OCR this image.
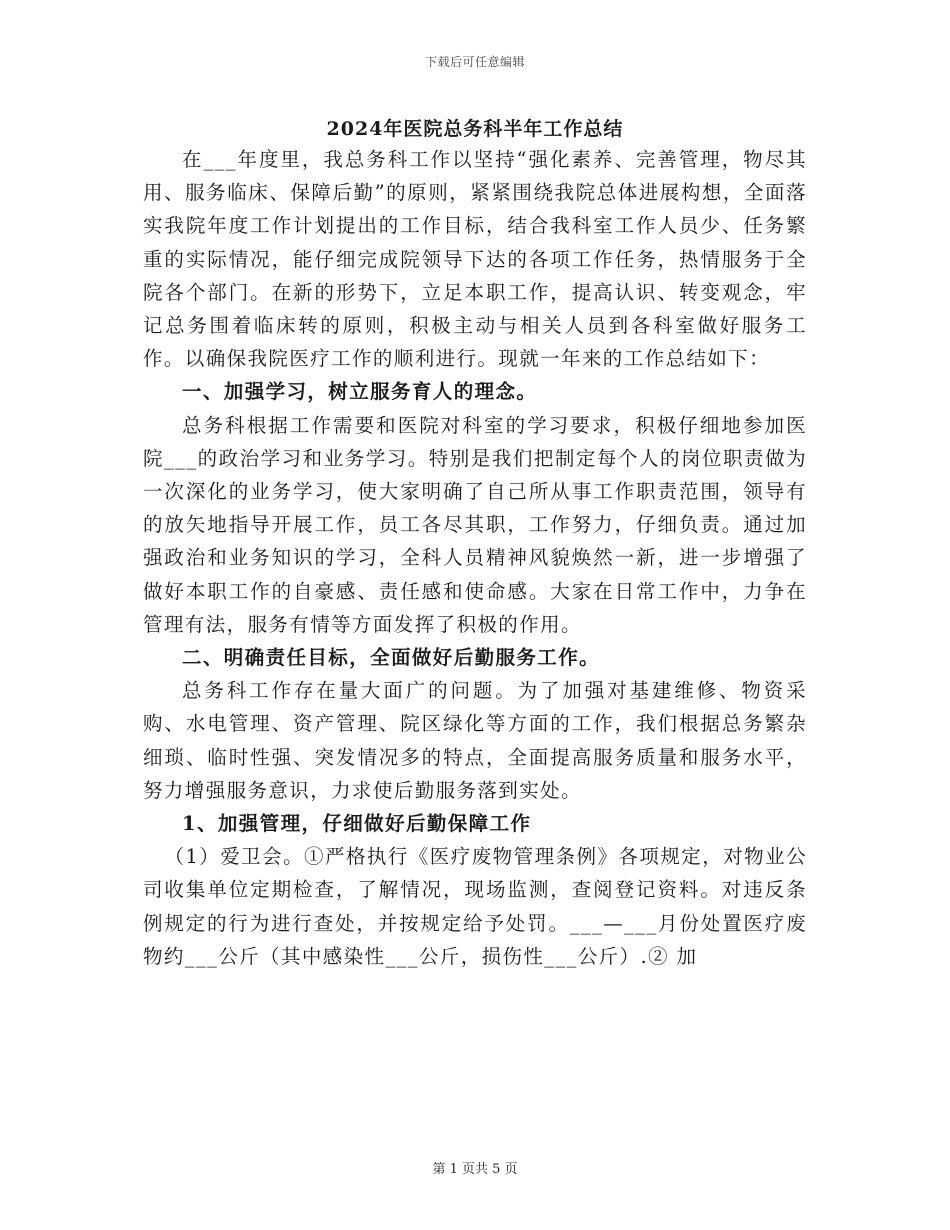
下载后可任意编辑
2024年医院总务科半年工作总结

在___年度里，我总务科工作以坚持“强化素养、完善管理，物尽其用、服务临床、保障后勤”的原则，紧紧围绕我院总体进展构想，全面落实我院年度工作计划提出的工作目标，结合我科室工作人员少、任务繁重的实际情况，能仔细完成院领导下达的各项工作任务，热情服务于全院各个部门。在新的形势下，立足本职工作，提高认识、转变观念，牢记总务围着临床转的原则，积极主动与相关人员到各科室做好服务工作。以确保我院医疗工作的顺利进行。现就一年来的工作总结如下：

一、加强学习，树立服务育人的理念。

总务科根据工作需要和医院对科室的学习要求，积极仔细地参加医院___的政治学习和业务学习。特别是我们把制定每个人的岗位职责做为一次深化的业务学习，使大家明确了自己所从事工作职责范围，领导有的放矢地指导开展工作，员工各尽其职，工作努力，仔细负责。通过加强政治和业务知识的学习，全科人员精神风貌焕然一新，进一步增强了做好本职工作的自豪感、责任感和使命感。大家在日常工作中，力争在管理有法，服务有情等方面发挥了积极的作用。

二、明确责任目标，全面做好后勤服务工作。

总务科工作存在量大面广的问题。为了加强对基建维修、物资采购、水电管理、资产管理、院区绿化等方面的工作，我们根据总务繁杂细琐、临时性强、突发情况多的特点，全面提高服务质量和服务水平，努力增强服务意识，力求使后勤服务落到实处。

1、加强管理，仔细做好后勤保障工作

（1）爱卫会。①严格执行《医疗废物管理条例》各项规定，对物业公司收集单位定期检查，了解情况，现场监测，查阅登记资料。对违反条例规定的行为进行查处，并按规定给予处罚。___—___月份处置医疗废物约___公斤（其中感染性___公斤，损伤性___公斤）.② 加

第 1 页共 5 页
